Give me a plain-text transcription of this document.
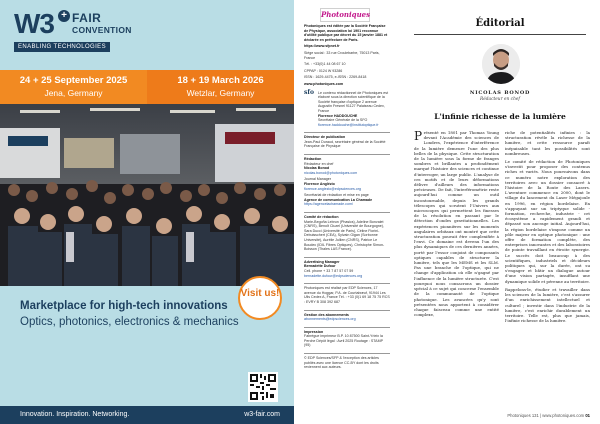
W3 + FAIR
CONVENTION
ENABLING TECHNOLOGIES
24 + 25 September 2025
Jena, Germany
18 + 19 March 2026
Wetzlar, Germany
Visit us!
Marketplace for high-tech innovations
Optics, photonics, electronics & mechanics
Innovation. Inspiration. Networking.	w3-fair.com
Photoniques

Photoniques est éditée par la Société Française de Physique, association loi 1901 reconnue d'utilité publique par décret du 15 janvier 1881 et déclarée en préfecture de Paris.

https://www.sfpnet.fr

Siège social : 33 rue Croulebarbe, 75013 Paris, France

Tél. : +33(0)1 44 08 67 10

CPPAP : 0124 W 93286

ISSN : 1629-4475, e-ISSN : 2269-8418

www.photoniques.com

sfo Le contenu rédactionnel de Photoniques est élaboré sous la direction scientifique de la Société française d'optique 2 avenue Augustin Fresnel 91127 Palaiseau Cedex, France
Florence HADDOUCHE
Secrétaire Générale de la SFO
florence.haddouche@institutoptique.fr
Directeur de publication
Jean-Paul Duraud, secrétaire général de la Société Française de Physique
Rédaction
Rédacteur en chef
Nicolas Bonod
nicolas.bonod@photoniques.com
Journal Manager
Florence Anglézio
florence.anglezio@edpsciences.org
Secrétariat de rédaction et mise en page
Agence de communication La Chamade
https://agencelachamade.com/
Comité de rédaction
Marie-Begoña Lebrun (Phasics), Adeline Bonvalet (CNRS), Benoît Cluzel (Université de Bourgogne), Sara Ducci (Université de Paris), Céline Fiorini-Debuisschert (CEA), Sylvain Gigan (Sorbonne Université), Aurélie Jullien (CNRS), Patrice Le Boudec (IDIL Fibres Optiques), Christophe Simon-Boisson (Thales LAS France).
Advertising Manager
Bernadette Dufour
Cell. phone + 33 7 87 57 07 59
bernadette.dufour@edpsciences.org
Photoniques est réalisé par EDP Sciences, 17 avenue du Hoggar, P.A. de Courtabœuf, 91944 Les Ulis Cedex A, France Tél. : +33 (0)1 69 18 75 75 RCS : EVRY B 308 392 687
Gestion des abonnements
abonnements@edpsciences.org
Impression
Fabrègue imprimeur B.P. 10 87500 Saint-Yrieix la Perche Dépôt légal : Avril 2025 Routage : STAMP (95)
© EDP Sciences/SFP & l'exception des articles publiés avec une licence CC-BY dont les droits reviennent aux auteurs.
Éditorial
NICOLAS BONOD
Rédacteur en chef
L'infinie richesse de la lumière

Présenté en 1801 par Thomas Young devant l'Académie des sciences de Londres, l'expérience d'interférence de la lumière demeure l'une des plus belles de la physique. Cette structuration de la lumière sous la forme de franges sombres et brillantes a profondément marqué l'histoire des sciences et continue d'interroger, un large public. L'analyse de ces motifs et de leurs déformations délivre d'ailleurs des informations précieuses. De fait, l'interférométrie reste aujourd'hui comme un outil incontournable, depuis les grands télescopes qui scrutent l'Univers aux microscopes qui permettent les finesses de la résolution en passant par le détection d'ondes gravitationnelles. Les expériences pionnières sur les moments angulaires orbitaux ont montré que cette structuration pouvait être complexifiée à l'envi. Ce domaine est devenu l'un des plus dynamiques de ces dernières années, porté par l'essor conjoint de composants optiques capables de structurer la lumière, tels que les MEMS et les SLM. Pas une branche de l'optique, qui ne change d'application où elle n'gagné par l'influence de la lumière structurée. C'est pourquoi nous consacrons un dossier spécial à ce sujet qui concerne l'ensemble de la communauté de l'optique photonique. Les avancées qu'y sont présentées nous apportent à considérer chaque faisceau comme une entité complexe,

riche de potentialités infinies : la structuration révèle la richesse de la lumière, et cette ressource paraît inépuisable tant les possibilités sont nombreuses.

Le comité de rédaction de Photoniques s'investit pour proposer des contenus riches et variés. Nous poursuivons dans ce numéro notre exploration des territoires avec un dossier consacré à l'histoire de la Route des Lasers. L'aventure commence en 2000, dont le village du lancement du Laser Mégajoule en 1996, en région bordelaise. En s'appuyant sur un triptyque solide - formation, recherche, industrie - cet écosystème a rapidement grandi et dépassé son ancrage initial. Aujourd'hui, la région bordelaise s'impose comme un pôle majeur en optique photonique : une offre de formation complète, des entreprises innovantes et des laboratoires de pointe travaillant en étroite synergie. Le succès doit beaucoup à des scientifiques, industriels et décideurs politiques qui, sur la durée, ont su s'engager et bâtir un dialogue autour d'une vision partagée, insufflant une dynamique solide et pérenne au territoire.

Rappelons-le, étudier et travailler dans les sciences de la lumière, c'est s'assurer d'un enrichissement intellectuel et culturel ; investir dans l'industrie de la lumière, c'est enrichir durablement un territoire. Telle est, plus que jamais, l'infinie richesse de la lumière.

Photoniques 131 | www.photoniques.com 01
